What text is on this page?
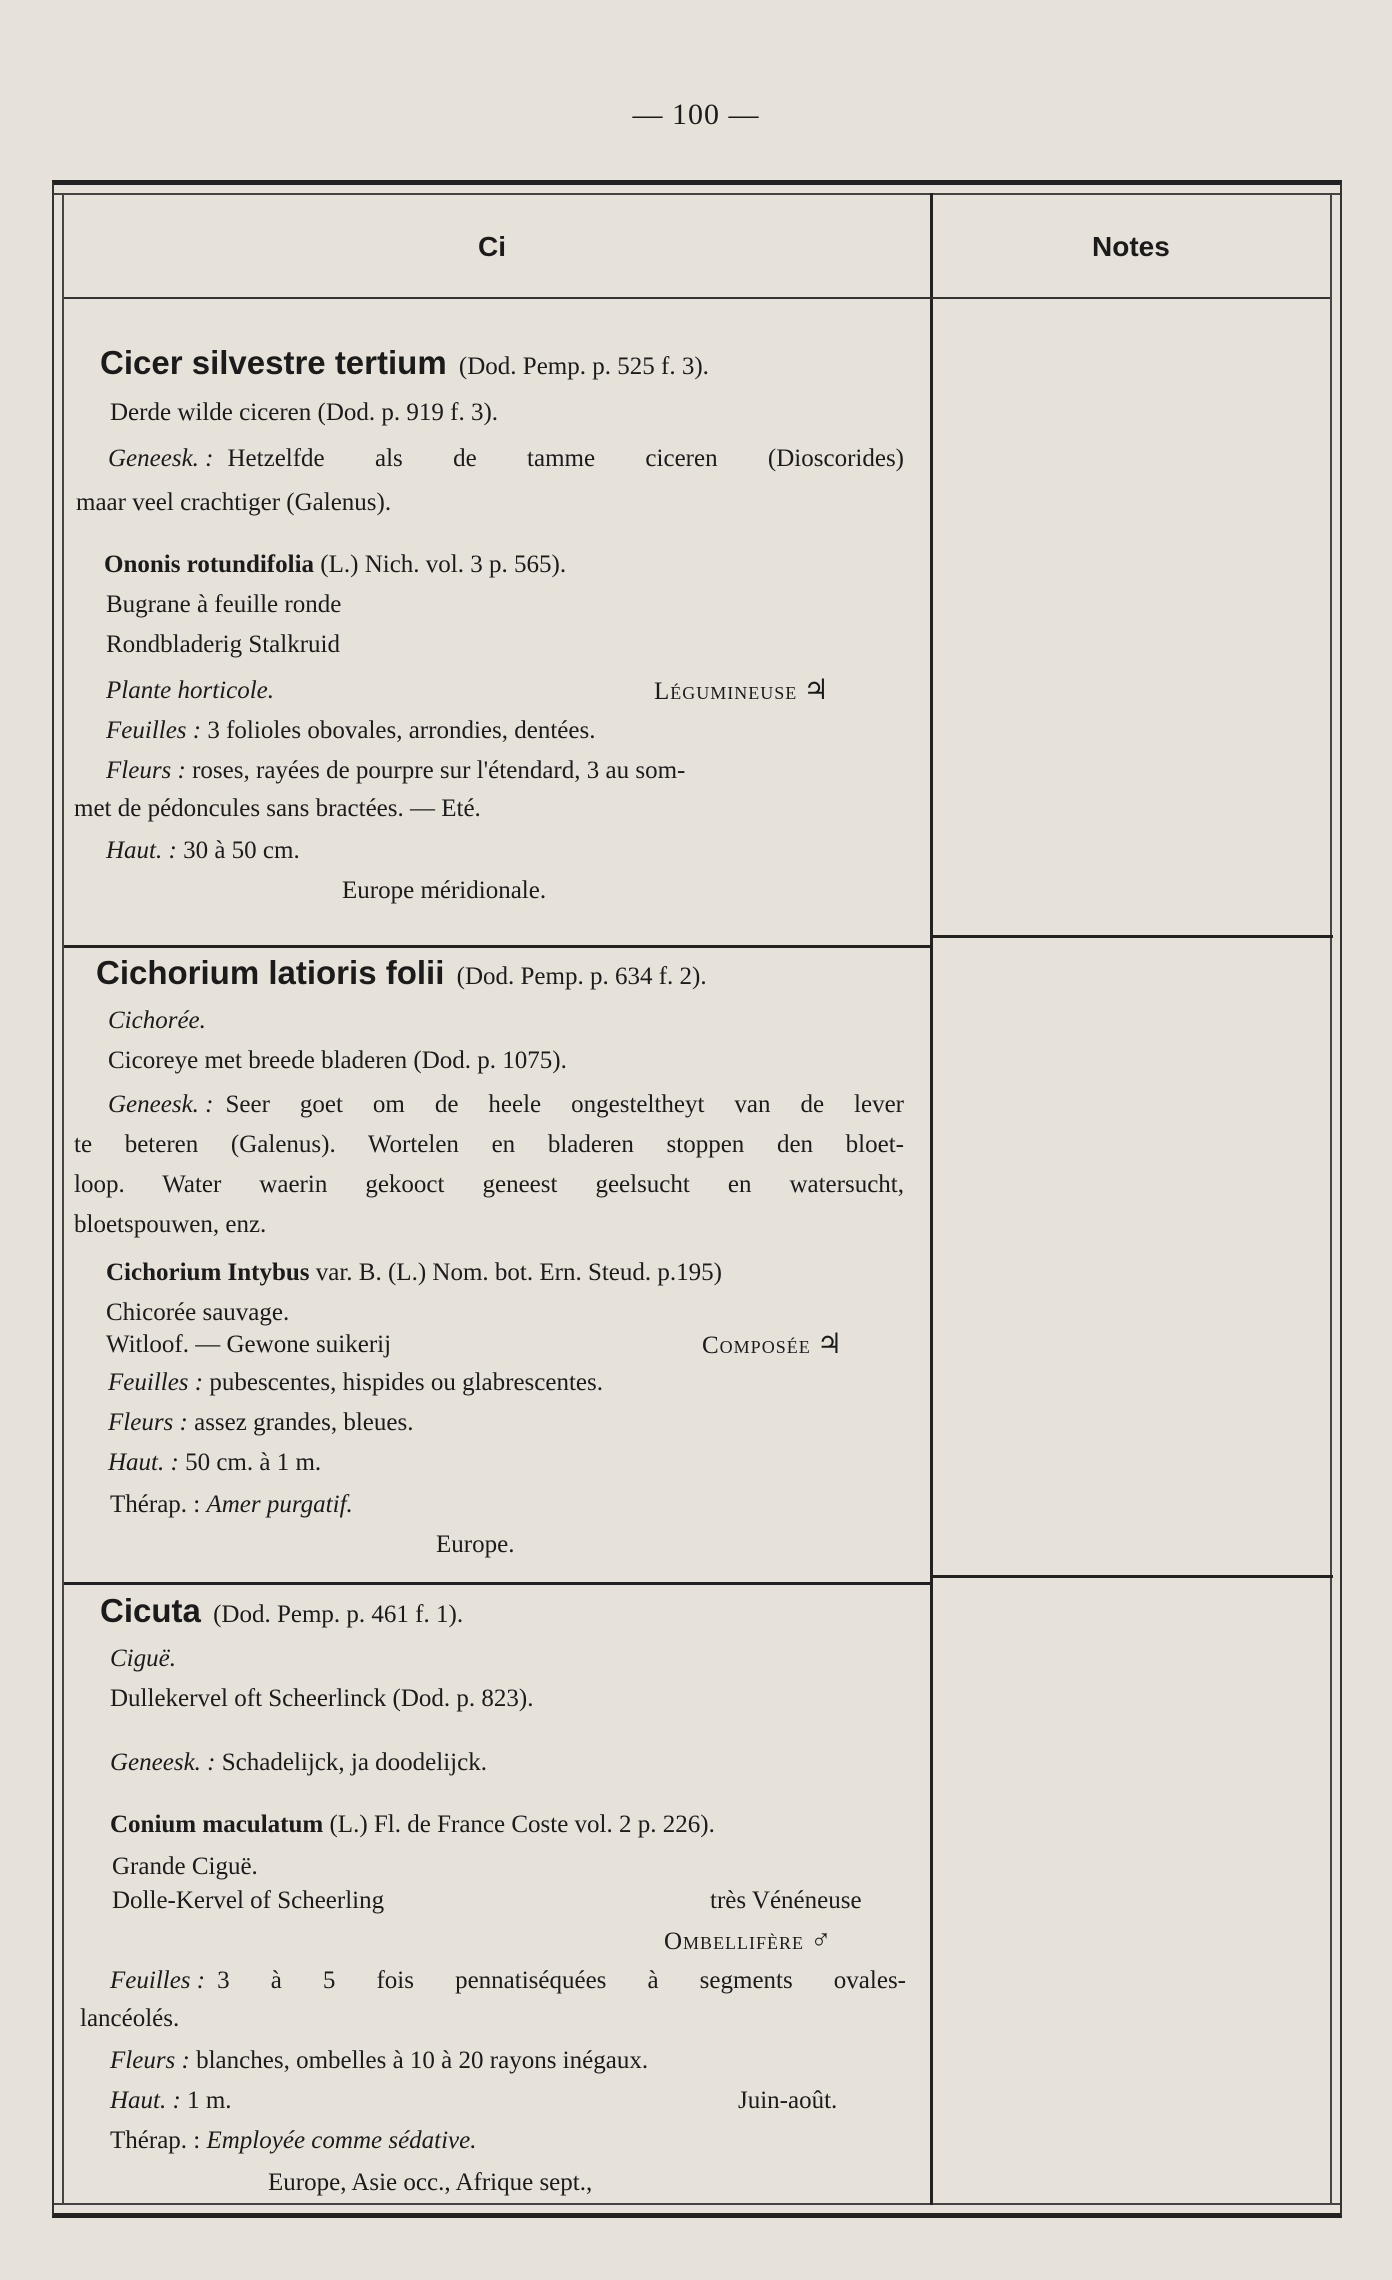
— 100 —
Ci	Notes
Cicer silvestre tertium (Dod. Pemp. p. 525 f. 3).
Derde wilde ciceren (Dod. p. 919 f. 3).
Geneesk. : Hetzelfde als de tamme ciceren (Dioscorides)
maar veel crachtiger (Galenus).
Ononis rotundifolia (L.) Nich. vol. 3 p. 565).
Bugrane à feuille ronde
Rondbladerig Stalkruid
Plante horticole.	Légumineuse ♃
Feuilles : 3 folioles obovales, arrondies, dentées.
Fleurs : roses, rayées de pourpre sur l'étendard, 3 au som-
met de pédoncules sans bractées. — Eté.
Haut. : 30 à 50 cm.
Europe méridionale.
Cichorium latioris folii (Dod. Pemp. p. 634 f. 2).
Cichorée.
Cicoreye met breede bladeren (Dod. p. 1075).
Geneesk. : Seer goet om de heele ongesteltheyt van de lever
te beteren (Galenus). Wortelen en bladeren stoppen den bloet-
loop. Water waerin gekooct geneest geelsucht en watersucht,
bloetspouwen, enz.
Cichorium Intybus var. B. (L.) Nom. bot. Ern. Steud. p.195)
Chicorée sauvage.
Witloof. — Gewone suikerij	Composée ♃
Feuilles : pubescentes, hispides ou glabrescentes.
Fleurs : assez grandes, bleues.
Haut. : 50 cm. à 1 m.
Thérap. : Amer purgatif.
Europe.
Cicuta (Dod. Pemp. p. 461 f. 1).
Ciguë.
Dullekervel oft Scheerlinck (Dod. p. 823).
Geneesk. : Schadelijck, ja doodelijck.
Conium maculatum (L.) Fl. de France Coste vol. 2 p. 226).
Grande Ciguë.
Dolle-Kervel of Scheerling	très Vénéneuse
Ombellifère ♂
Feuilles : 3 à 5 fois pennatiséquées à segments ovales-
lancéolés.
Fleurs : blanches, ombelles à 10 à 20 rayons inégaux.
Haut. : 1 m.	Juin-août.
Thérap. : Employée comme sédative.
Europe, Asie occ., Afrique sept.,
